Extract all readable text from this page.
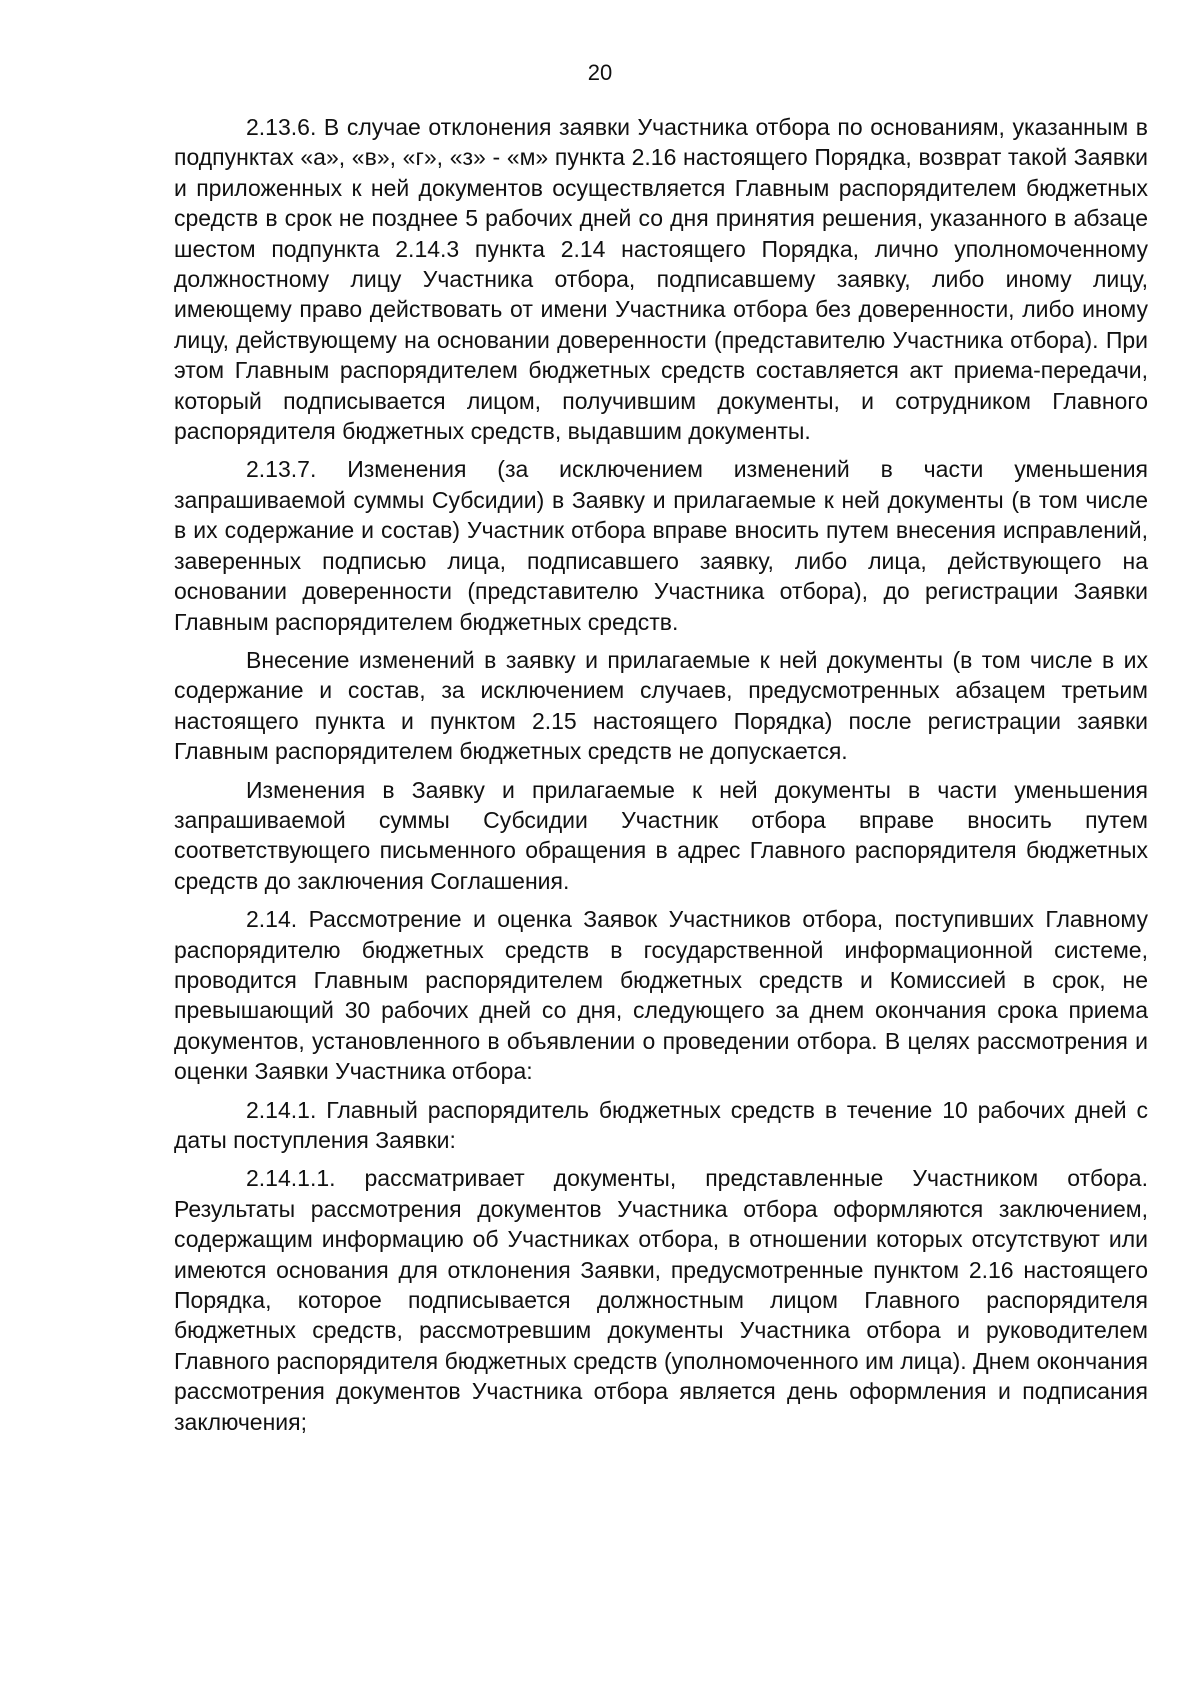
20

2.13.6. В случае отклонения заявки Участника отбора по основаниям, указанным в подпунктах «а», «в», «г», «з» - «м» пункта 2.16 настоящего Порядка, возврат такой Заявки и приложенных к ней документов осуществляется Главным распорядителем бюджетных средств в срок не позднее 5 рабочих дней со дня принятия решения, указанного в абзаце шестом подпункта 2.14.3 пункта 2.14 настоящего Порядка, лично уполномоченному должностному лицу Участника отбора, подписавшему заявку, либо иному лицу, имеющему право действовать от имени Участника отбора без доверенности, либо иному лицу, действующему на основании доверенности (представителю Участника отбора). При этом Главным распорядителем бюджетных средств составляется акт приема-передачи, который подписывается лицом, получившим документы, и сотрудником Главного распорядителя бюджетных средств, выдавшим документы.

2.13.7. Изменения (за исключением изменений в части уменьшения запрашиваемой суммы Субсидии) в Заявку и прилагаемые к ней документы (в том числе в их содержание и состав) Участник отбора вправе вносить путем внесения исправлений, заверенных подписью лица, подписавшего заявку, либо лица, действующего на основании доверенности (представителю Участника отбора), до регистрации Заявки Главным распорядителем бюджетных средств.

Внесение изменений в заявку и прилагаемые к ней документы (в том числе в их содержание и состав, за исключением случаев, предусмотренных абзацем третьим настоящего пункта и пунктом 2.15 настоящего Порядка) после регистрации заявки Главным распорядителем бюджетных средств не допускается.

Изменения в Заявку и прилагаемые к ней документы в части уменьшения запрашиваемой суммы Субсидии Участник отбора вправе вносить путем соответствующего письменного обращения в адрес Главного распорядителя бюджетных средств до заключения Соглашения.

2.14. Рассмотрение и оценка Заявок Участников отбора, поступивших Главному распорядителю бюджетных средств в государственной информационной системе, проводится Главным распорядителем бюджетных средств и Комиссией в срок, не превышающий 30 рабочих дней со дня, следующего за днем окончания срока приема документов, установленного в объявлении о проведении отбора. В целях рассмотрения и оценки Заявки Участника отбора:

2.14.1. Главный распорядитель бюджетных средств в течение 10 рабочих дней с даты поступления Заявки:

2.14.1.1. рассматривает документы, представленные Участником отбора. Результаты рассмотрения документов Участника отбора оформляются заключением, содержащим информацию об Участниках отбора, в отношении которых отсутствуют или имеются основания для отклонения Заявки, предусмотренные пунктом 2.16 настоящего Порядка, которое подписывается должностным лицом Главного распорядителя бюджетных средств, рассмотревшим документы Участника отбора и руководителем Главного распорядителя бюджетных средств (уполномоченного им лица). Днем окончания рассмотрения документов Участника отбора является день оформления и подписания заключения;
